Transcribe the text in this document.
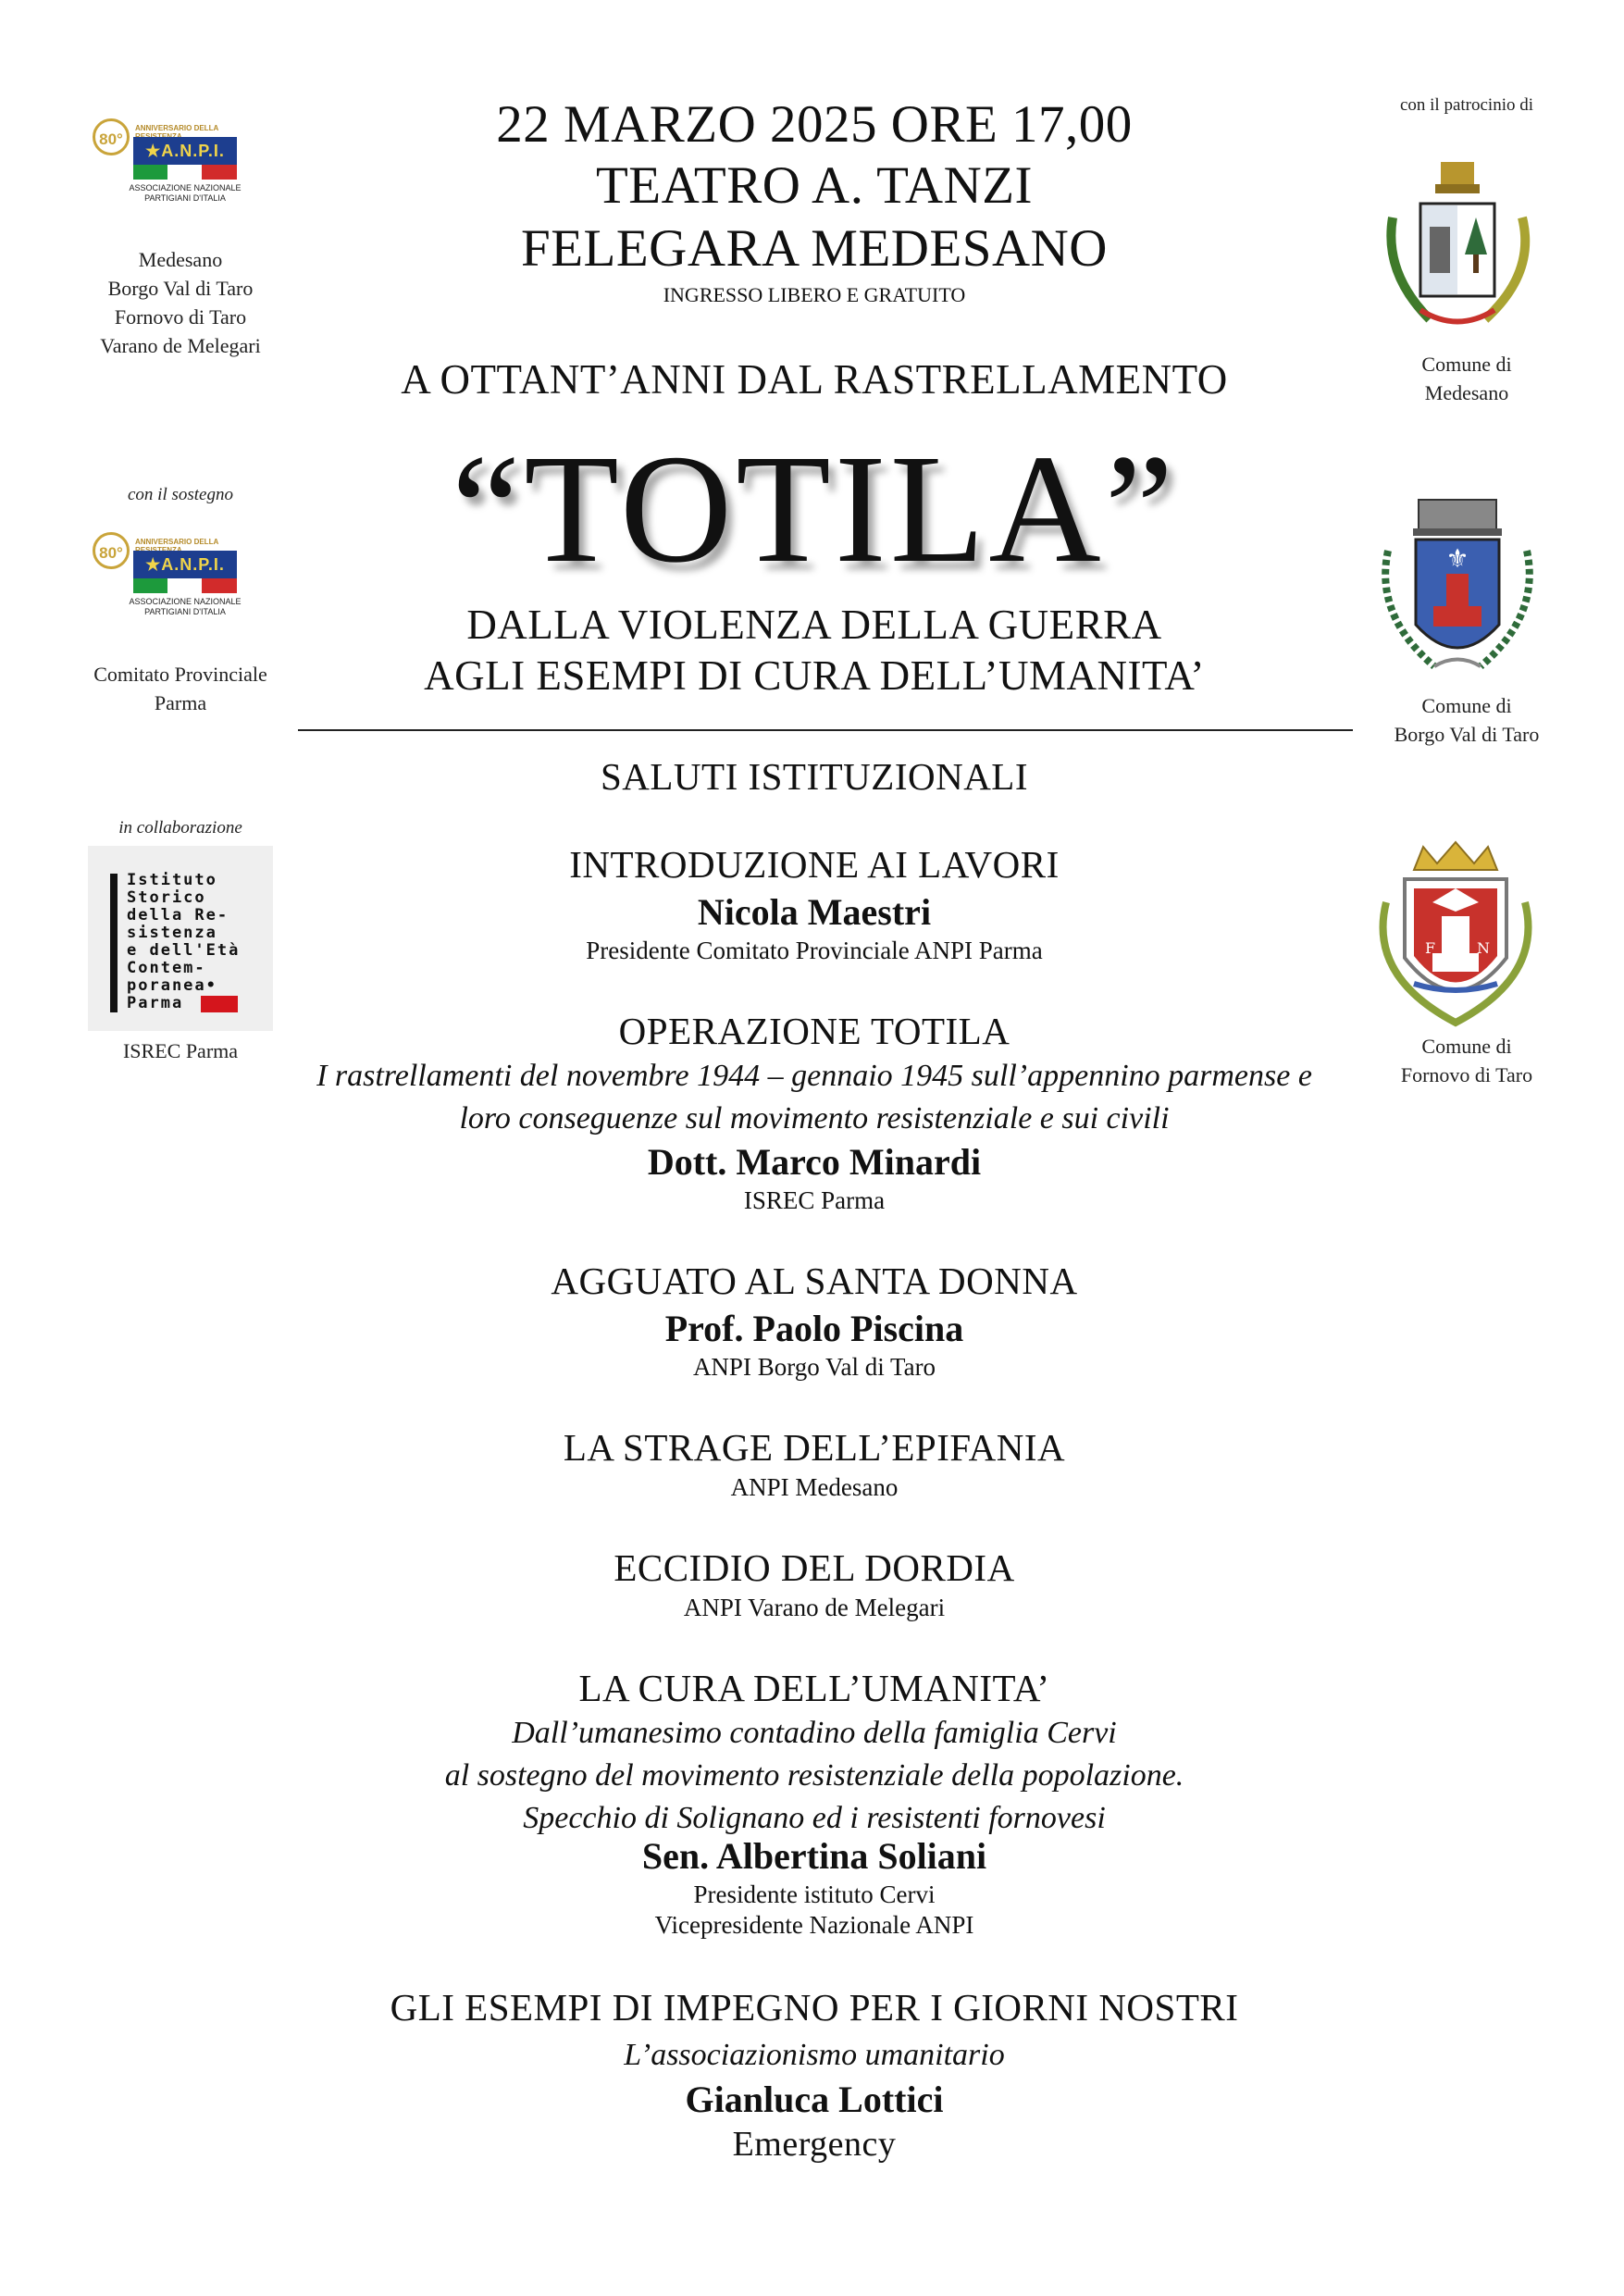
80°
ANNIVERSARIO DELLA
★A.N.P.I.
ASSOCIAZIONE NAZIONALE
PARTIGIANI D'ITALIA
Medesano
Borgo Val di Taro
Fornovo di Taro
Varano de Melegari
con il sostegno
80°
ANNIVERSARIO DELLA
★A.N.P.I.
ASSOCIAZIONE NAZIONALE
PARTIGIANI D'ITALIA
Comitato Provinciale
Parma
in collaborazione
Istituto
Storico
della Re-
sistenza
e dell'Età
Contem-
poranea•
Parma
ISREC Parma
con il patrocinio di
Comune di
Medesano
⚜
Comune di
Borgo Val di Taro
F	N
Comune di
Fornovo di Taro
22 MARZO 2025 ORE 17,00
TEATRO A. TANZI
FELEGARA MEDESANO
INGRESSO LIBERO E GRATUITO
A OTTANT’ANNI DAL RASTRELLAMENTO
“TOTILA”
DALLA VIOLENZA DELLA GUERRA
AGLI ESEMPI DI CURA DELL’UMANITA’
SALUTI ISTITUZIONALI
INTRODUZIONE AI LAVORI
Nicola Maestri
Presidente Comitato Provinciale ANPI Parma
OPERAZIONE TOTILA
I rastrellamenti del novembre 1944 – gennaio 1945 sull’appennino parmense e
loro conseguenze sul movimento resistenziale e sui civili
Dott. Marco Minardi
ISREC Parma
AGGUATO AL SANTA DONNA
Prof. Paolo Piscina
ANPI Borgo Val di Taro
LA STRAGE DELL’EPIFANIA
ANPI Medesano
ECCIDIO DEL DORDIA
ANPI Varano de Melegari
LA CURA DELL’UMANITA’
Dall’umanesimo contadino della famiglia Cervi
al sostegno del movimento resistenziale della popolazione.
Specchio di Solignano ed i resistenti fornovesi
Sen. Albertina Soliani
Presidente istituto Cervi
Vicepresidente Nazionale ANPI
GLI ESEMPI DI IMPEGNO PER I GIORNI NOSTRI
L’associazionismo umanitario
Gianluca Lottici
Emergency
